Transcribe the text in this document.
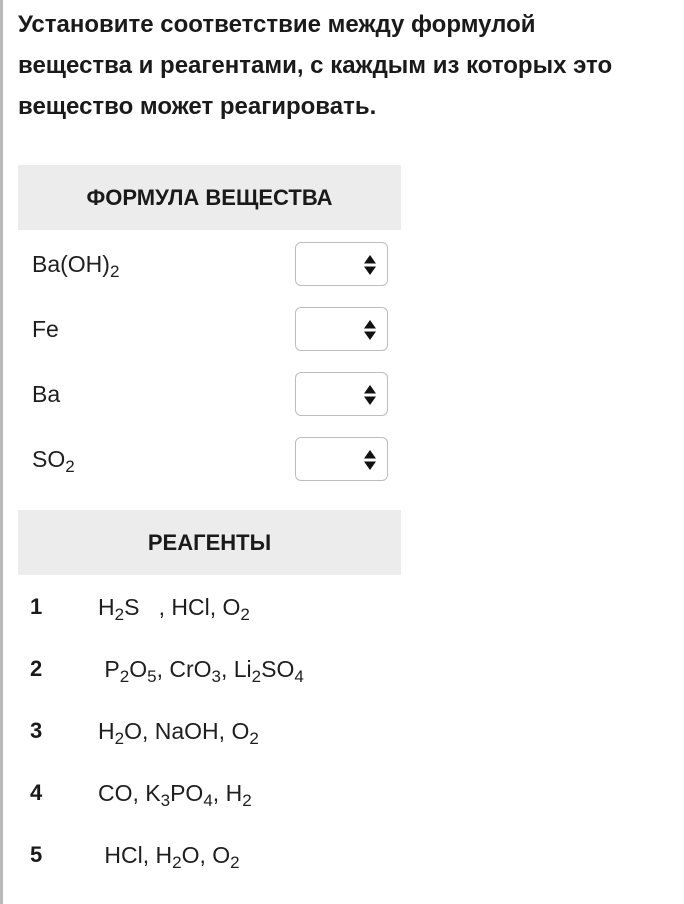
Установите соответствие между формулой
вещества и реагентами, с каждым из которых это
вещество может реагировать.
ФОРМУЛА ВЕЩЕСТВА
$Ba(OH)_2$
Fe
Ba
$SO_2$
РЕАГЕНТЫ
1	$H_2S$   , HCl, $O_2$
2	$P_2O_5$, CrO$_3$, $Li_2SO_4$
3	$H_2O$, NaOH, $O_2$
4	CO, $K_3PO_4$, $H_2$
5	HCl, $H_2O$, $O_2$
